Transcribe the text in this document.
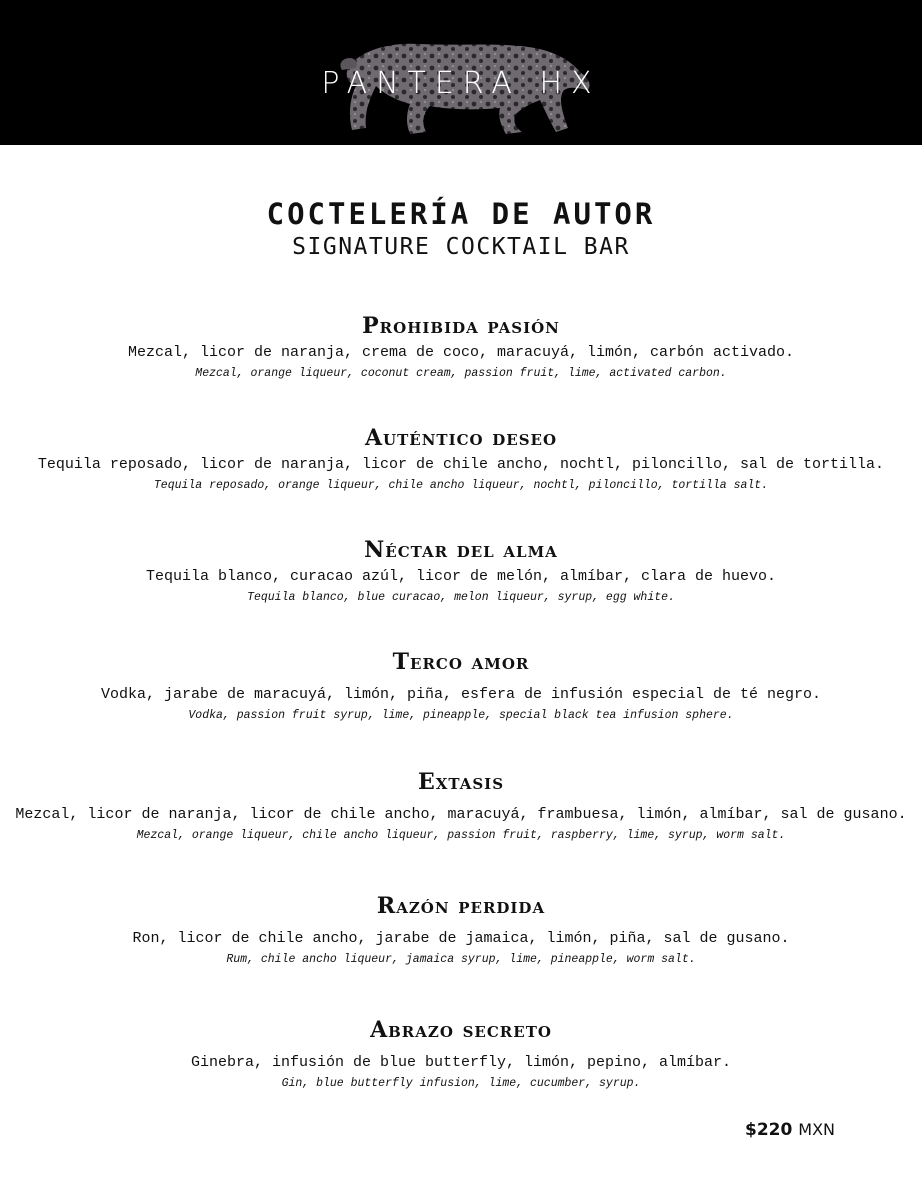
PANTERA HX

COCTELERÍA DE AUTOR

SIGNATURE COCKTAIL BAR

Prohibida pasión

Mezcal, licor de naranja, crema de coco, maracuyá, limón, carbón activado.

Mezcal, orange liqueur, coconut cream, passion fruit, lime, activated carbon.

Auténtico deseo

Tequila reposado, licor de naranja, licor de chile ancho, nochtl, piloncillo, sal de tortilla.

Tequila reposado, orange liqueur, chile ancho liqueur, nochtl, piloncillo, tortilla salt.

Néctar del alma

Tequila blanco, curacao azúl, licor de melón, almíbar, clara de huevo.

Tequila blanco, blue curacao, melon liqueur, syrup, egg white.

Terco amor

Vodka, jarabe de maracuyá, limón, piña, esfera de infusión especial de té negro.

Vodka, passion fruit syrup, lime, pineapple, special black tea infusion sphere.

Extasis

Mezcal, licor de naranja, licor de chile ancho, maracuyá, frambuesa, limón, almíbar, sal de gusano.

Mezcal, orange liqueur, chile ancho liqueur, passion fruit, raspberry, lime, syrup, worm salt.

Razón perdida

Ron, licor de chile ancho, jarabe de jamaica, limón, piña, sal de gusano.

Rum, chile ancho liqueur, jamaica syrup, lime, pineapple, worm salt.

Abrazo secreto

Ginebra, infusión de blue butterfly, limón, pepino, almíbar.

Gin, blue butterfly infusion, lime, cucumber, syrup.

$220 MXN
